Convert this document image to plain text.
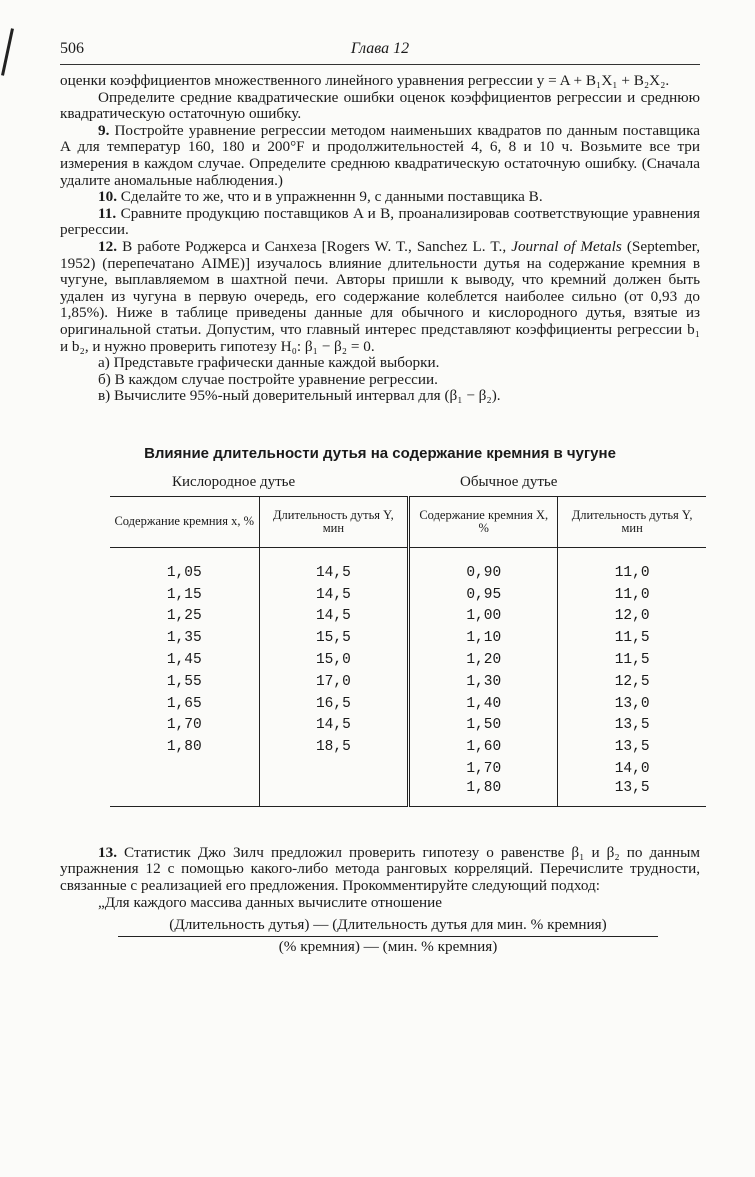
506	Глава 12

оценки коэффициентов множественного линейного уравнения регрессии y = A + B₁X₁ + B₂X₂.

Определите средние квадратические ошибки оценок коэффициентов регрессии и среднюю квадратическую остаточную ошибку.

9. Постройте уравнение регрессии методом наименьших квадратов по данным поставщика A для температур 160, 180 и 200°F и продолжительностей 4, 6, 8 и 10 ч. Возьмите все три измерения в каждом случае. Определите среднюю квадратическую остаточную ошибку. (Сначала удалите аномальные наблюдения.)

10. Сделайте то же, что и в упражненнн 9, с данными поставщика B.

11. Сравните продукцию поставщиков A и B, проанализировав соответствующие уравнения регрессии.

12. В работе Роджерса и Санхеза [Rogers W. T., Sanchez L. T., Journal of Metals (September, 1952) (перепечатано AIME)] изучалось влияние длительности дутья на содержание кремния в чугуне, выплавляемом в шахтной печи. Авторы пришли к выводу, что кремний должен быть удален из чугуна в первую очередь, его содержание колеблется наиболее сильно (от 0,93 до 1,85%). Ниже в таблице приведены данные для обычного и кислородного дутья, взятые из оригинальной статьи. Допустим, что главный интерес представляют коэффициенты регрессии b₁ и b₂, и нужно проверить гипотезу H₀: β₁ − β₂ = 0.

а) Представьте графически данные каждой выборки.

б) В каждом случае постройте уравнение регрессии.

в) Вычислите 95%-ный доверительный интервал для (β₁ − β₂).

Влияние длительности дутья на содержание кремния в чугуне
Кислородное дутье	Обычное дутье
Содержание кремния x, %	Длительность дутья Y, мин	Содержание кремния X, %	Длительность дутья Y, мин

1,05	14,5	0,90	11,0
1,15	14,5	0,95	11,0
1,25	14,5	1,00	12,0
1,35	15,5	1,10	11,5
1,45	15,0	1,20	11,5
1,55	17,0	1,30	12,5
1,65	16,5	1,40	13,0
1,70	14,5	1,50	13,5
1,80	18,5	1,60	13,5
		1,70	14,0
		1,80	13,5

13. Статистик Джо Зилч предложил проверить гипотезу о равенстве β₁ и β₂ по данным упражнения 12 с помощью какого-либо метода ранговых корреляций. Перечислите трудности, связанные с реализацией его предложения. Прокомментируйте следующий подход:

„Для каждого массива данных вычислите отношение

(Длительность дутья) — (Длительность дутья для мин. % кремния)
(% кремния) — (мин. % кремния)
